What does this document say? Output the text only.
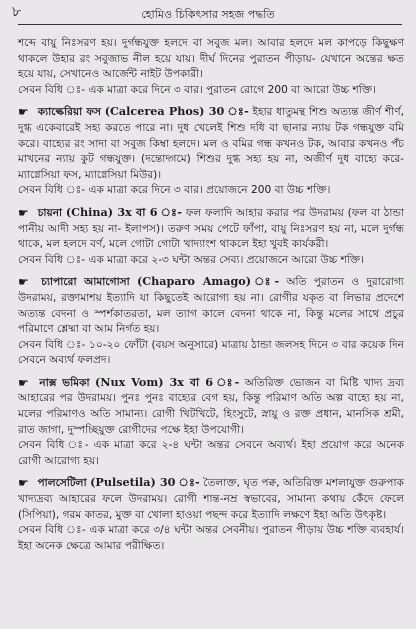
৮	হোমিও চিকিৎসার সহজ পদ্ধতি

শব্দে বায়ু নিঃসরণ হয়। দুর্গন্ধযুক্ত হলদে বা সবুজ মল। আবার হলদে মল কাপড়ে কিছুক্ষণ থাকলে উহার রং সবুজাভ নীল হয়ে যায়। দীর্ঘ দিনের পুরাতন পীড়ায়- যেখানে অন্তের ক্ষত হয়ে যায়, সেখানেও আর্জেন্ট নাইট উপকারী।

সেবন বিধি ঃ- এক মাত্রা করে দিনে ৩ বার। পুরাতন রোগে 200 বা আরো উচ্চ শক্তি।

☛ ক্যাল্কেরিয়া ফস (Calcerea Phos) 30 ঃ- ইহার ধাতুমন্থ শিশু অত্যন্ত জীর্ণ শীর্ণ, দুগ্ধ একেবারেই সহ্য করতে পারে না। দুধ খেলেই শিশু দধি বা ছানার ন্যায় টক গন্ধযুক্ত বমি করে। বাহ্যের রং সাদা বা সবুজ কিম্বা হলদে। মল ও বমির গন্ধ কখনও টক, আবার কখনও পঁচ মাখনের ন্যায় কুট গন্ধযুক্ত। (দন্তোদ্গমে) শিশুর দুগ্ধ সহ্য হয় না, অজীর্ণ দুধ বাহ্যে করে- ম্যাগ্নেসিয়া ফস, ম্যাগ্নেসিয়া মিউর)।

সেবন বিধি ঃ- এক মাত্রা করে দিনে ৩ বার। প্রয়োজনে 200 বা উচ্চ শক্তি।

☛ চায়না (China) 3x বা 6 ঃ- ফল ফলাদি আহার করার পর উদরাময় (ফল বা ঠান্ডা পানীয় আদী সহ্য হয় না- ইলাপস)। তরুণ সময় পেটে ফাঁপা, বায়ু নিঃসরণ হয় না, মলে দুর্গন্ধ থাকে, মল হলদে বর্ণ, মলে গোটা গোটা খাদ্যাংশ থাকলে ইহা খুবই কার্যকরী।

সেবন বিধি ঃ- এক মাত্রা করে ২-৩ ঘন্টা অন্তর সেব্য। প্রয়োজনে আরো উচ্চ শক্তি।

☛ চ্যাপারো আমাগোসা (Chaparo Amago) ঃ- অতি পুরাতন ও দুরারোগ্য উদরাময়, রক্তামাশয় ইত্যাদি যা কিছুতেই আরোগ্য হয় না। রোগীর যকৃত বা লিভার প্রদেশে অত্যন্ত বেদনা ও স্পর্শকাতরতা, মল ত্যাগ কালে বেদনা থাকে না, কিন্তু মলের সাথে প্রচুর পরিমাণে শ্লেষ্মা বা আম নির্গত হয়।

সেবন বিধি ঃ- ১০-২০ ফোঁটা (বয়স অনুসারে) মাত্রায় ঠান্ডা জলসহ দিনে ৩ বার কয়েক দিন সেবনে অব্যর্থ ফলপ্রদ।

☛ নাক্স ভমিকা (Nux Vom) 3x বা 6 ঃ- অতিরিক্ত ভোজন বা মিষ্টি খাদ্য দ্রব্য আহারের পর উদরাময়। পুনঃ পুনঃ বাহ্যের বেগ হয়, কিন্তু পরিমাণ অতি অল্প বাহ্যে হয় না, মলের পরিমাণও অতি সামান্য। রোগী খিটখিটে, হিংসুটে, স্নায়ু ও রক্ত প্রধান, মানসিক শ্রমী, রাত জাগা, দুস্পচ্ছিয়ুক্ত রোগীদের পক্ষে ইহা উপযোগী।

সেবন বিধি ঃ- এক মাত্রা করে ২-৪ ঘন্টা অন্তর সেবনে অব্যর্থ। ইহা প্রয়োগ করে অনেক রোগী আরোগ্য হয়।

☛ পালসেটিলা (Pulsetila) 30 ঃ- তৈলাক্ত, ঘৃত পক্ব, অতিরিক্ত মশলাযুক্ত গুরুপাক খাদ্যদ্রব্য আহারের ফলে উদরাময়। রোগী শান্ত-নম্র স্বভাবের, সামান্য কথায় কেঁদে ফেলে (সিপিয়া), গরম কাতর, মুক্ত বা খোলা হাওয়া পছন্দ করে ইত্যাদি লক্ষণে ইহা অতি উৎকৃষ্ট।

সেবন বিধি ঃ- এক মাত্রা করে ৩/৪ ঘন্টা অন্তর সেবনীয়। পুরাতন পীড়ায় উচ্চ শক্তি ব্যবহার্য। ইহা অনেক ক্ষেত্রে আমার পরীক্ষিত।
